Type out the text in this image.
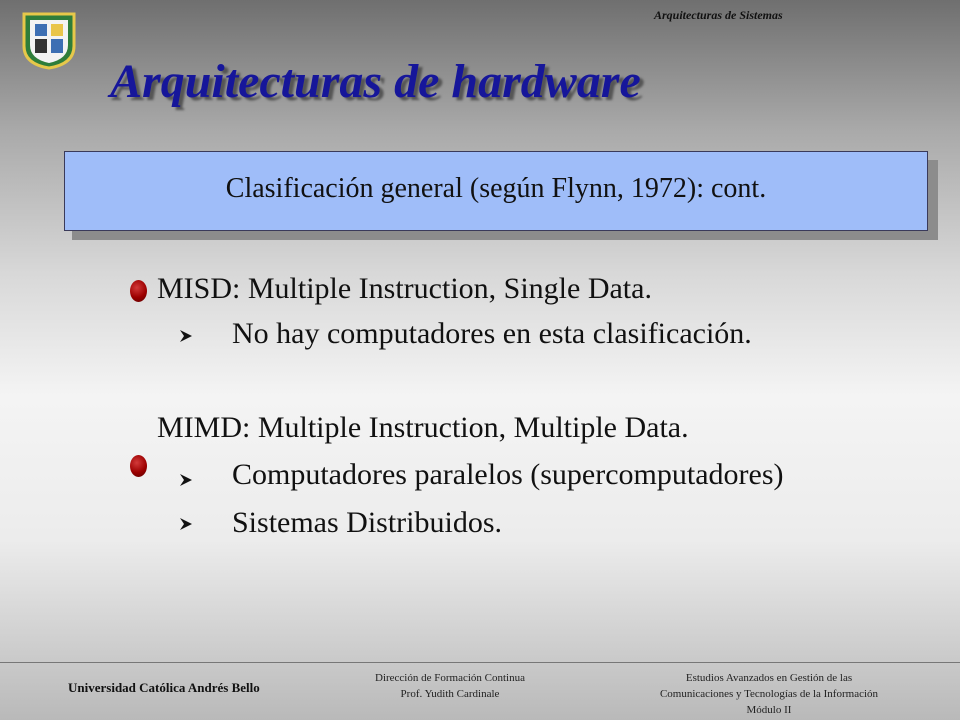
Arquitecturas de Sistemas
Arquitecturas de hardware
Clasificación general (según Flynn, 1972): cont.
MISD: Multiple Instruction, Single Data.
No hay computadores en esta clasificación.
MIMD: Multiple Instruction, Multiple Data.
Computadores paralelos (supercomputadores)
Sistemas Distribuidos.
Universidad Católica Andrés Bello
Dirección de Formación Continua
Prof. Yudith Cardinale
Estudios Avanzados en Gestión de las
Comunicaciones y Tecnologías de la Información
Módulo II
